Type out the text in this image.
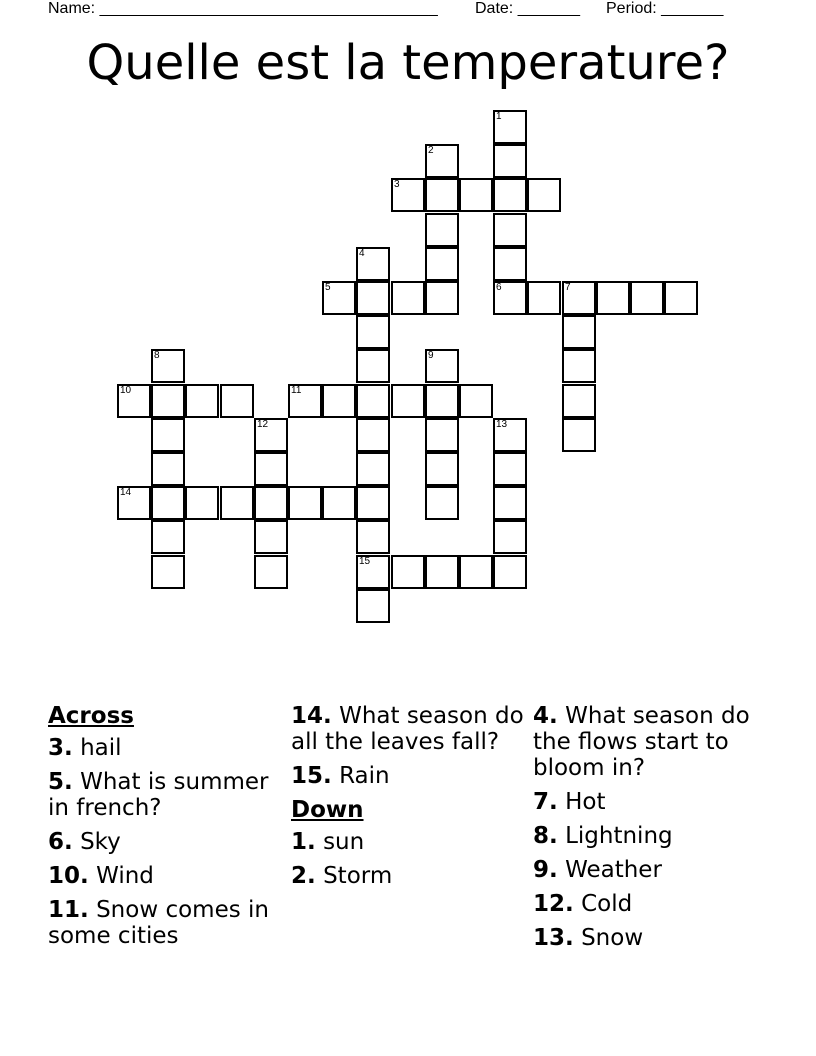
Name: ______________________________________ Date: _______ Period: _______
Quelle est la temperature?
1
6
2
3
4
15
5	7
8	9
10	11
12	13
14
Across
3. hail
5. What is summer in french?
6. Sky
10. Wind
11. Snow comes in some cities
14. What season do all the leaves fall?
15. Rain
Down
1. sun
2. Storm
4. What season do the flows start to bloom in?
7. Hot
8. Lightning
9. Weather
12. Cold
13. Snow
